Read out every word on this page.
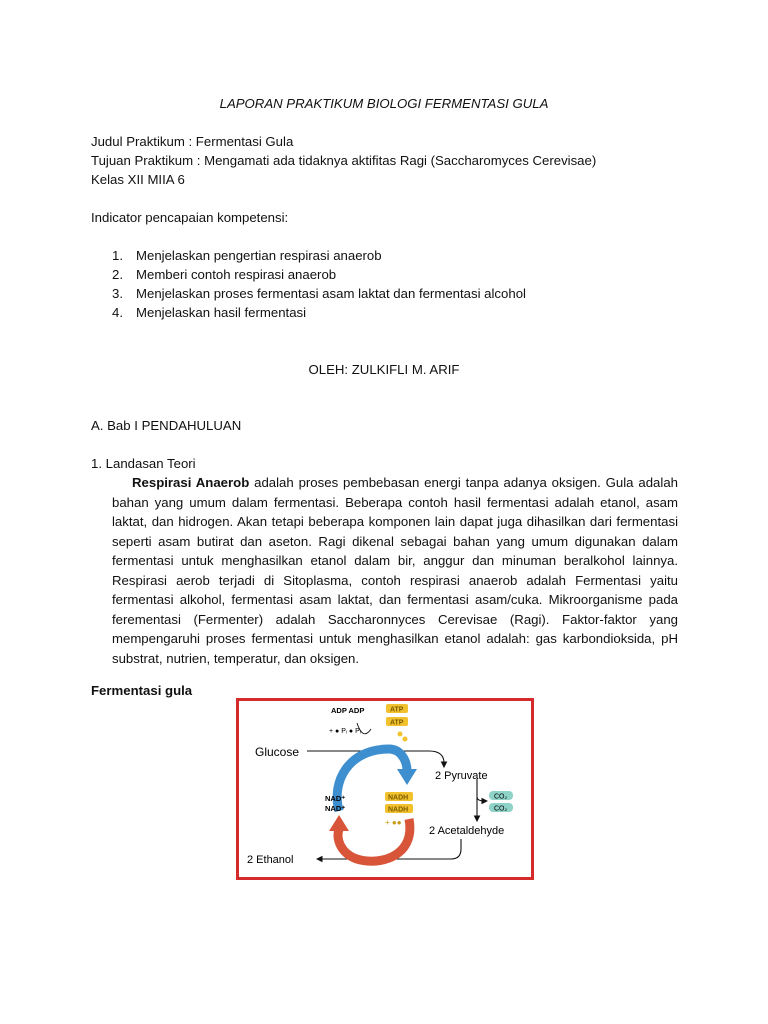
LAPORAN PRAKTIKUM BIOLOGI FERMENTASI GULA
Judul Praktikum : Fermentasi Gula
Tujuan Praktikum : Mengamati ada tidaknya aktifitas Ragi (Saccharomyces Cerevisae)
Kelas XII MIIA 6
Indicator pencapaian kompetensi:
1. Menjelaskan pengertian respirasi anaerob
2. Memberi contoh respirasi anaerob
3. Menjelaskan proses fermentasi asam laktat dan fermentasi alcohol
4. Menjelaskan hasil fermentasi
OLEH: ZULKIFLI M. ARIF
A. Bab I PENDAHULUAN
1. Landasan Teori
Respirasi Anaerob adalah proses pembebasan energi tanpa adanya oksigen. Gula adalah bahan yang umum dalam fermentasi. Beberapa contoh hasil fermentasi adalah etanol, asam laktat, dan hidrogen. Akan tetapi beberapa komponen lain dapat juga dihasilkan dari fermentasi seperti asam butirat dan aseton. Ragi dikenal sebagai bahan yang umum digunakan dalam fermentasi untuk menghasilkan etanol dalam bir, anggur dan minuman beralkohol lainnya. Respirasi aerob terjadi di Sitoplasma, contoh respirasi anaerob adalah Fermentasi yaitu fermentasi alkohol, fermentasi asam laktat, dan fermentasi asam/cuka. Mikroorganisme pada ferementasi (Fermenter) adalah Saccharonnyces Cerevisae (Ragi). Faktor-faktor yang mempengaruhi proses fermentasi untuk menghasilkan etanol adalah: gas karbondioksida, pH substrat, nutrien, temperatur, dan oksigen.
Fermentasi gula
ADP ADP
+ ● Pᵢ ● Pᵢ
ATP
ATP
Glucose
2 Pyruvate
NAD⁺
NAD⁺
NADH
NADH
+ ●●
CO₂
CO₂
2 Acetaldehyde
2 Ethanol
